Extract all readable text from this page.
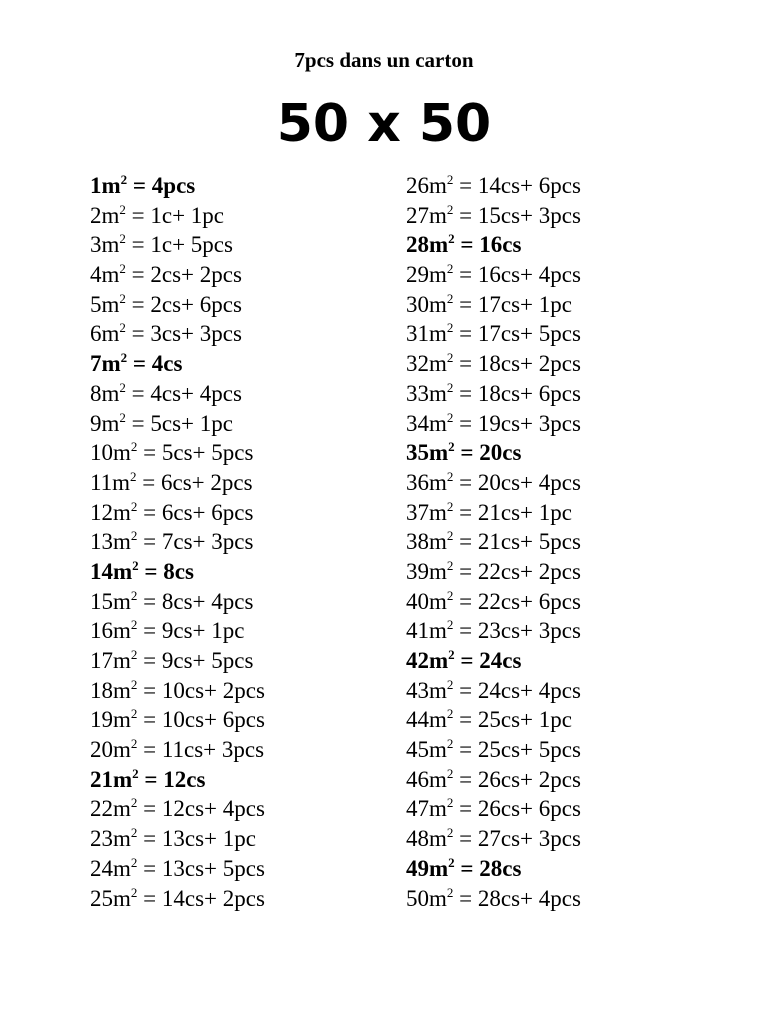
7pcs dans un carton
50 x 50
$1m^2 = 4pcs$
$2m^2 = 1c+ 1pc$
$3m^2 = 1c+ 5pcs$
$4m^2 = 2cs+ 2pcs$
$5m^2 = 2cs+ 6pcs$
$6m^2 = 3cs+ 3pcs$
$7m^2 = 4cs$
$8m^2 = 4cs+ 4pcs$
$9m^2 = 5cs+ 1pc$
$10m^2 = 5cs+ 5pcs$
$11m^2 = 6cs+ 2pcs$
$12m^2 = 6cs+ 6pcs$
$13m^2 = 7cs+ 3pcs$
$14m^2 = 8cs$
$15m^2 = 8cs+ 4pcs$
$16m^2 = 9cs+ 1pc$
$17m^2 = 9cs+ 5pcs$
$18m^2 = 10cs+ 2pcs$
$19m^2 = 10cs+ 6pcs$
$20m^2 = 11cs+ 3pcs$
$21m^2 = 12cs$
$22m^2 = 12cs+ 4pcs$
$23m^2 = 13cs+ 1pc$
$24m^2 = 13cs+ 5pcs$
$25m^2 = 14cs+ 2pcs$
$26m^2 = 14cs+ 6pcs$
$27m^2 = 15cs+ 3pcs$
$28m^2 = 16cs$
$29m^2 = 16cs+ 4pcs$
$30m^2 = 17cs+ 1pc$
$31m^2 = 17cs+ 5pcs$
$32m^2 = 18cs+ 2pcs$
$33m^2 = 18cs+ 6pcs$
$34m^2 = 19cs+ 3pcs$
$35m^2 = 20cs$
$36m^2 = 20cs+ 4pcs$
$37m^2 = 21cs+ 1pc$
$38m^2 = 21cs+ 5pcs$
$39m^2 = 22cs+ 2pcs$
$40m^2 = 22cs+ 6pcs$
$41m^2 = 23cs+ 3pcs$
$42m^2 = 24cs$
$43m^2 = 24cs+ 4pcs$
$44m^2 = 25cs+ 1pc$
$45m^2 = 25cs+ 5pcs$
$46m^2 = 26cs+ 2pcs$
$47m^2 = 26cs+ 6pcs$
$48m^2 = 27cs+ 3pcs$
$49m^2 = 28cs$
$50m^2 = 28cs+ 4pcs$
